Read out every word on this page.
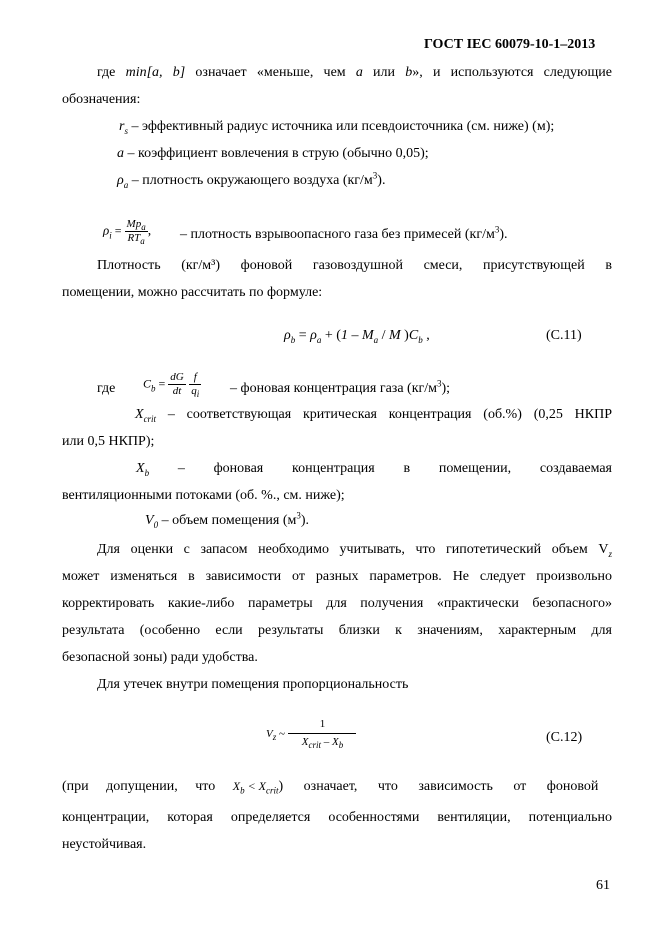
ГОСТ IEC 60079-10-1–2013
где min[a, b] означает «меньше, чем a или b», и используются следующие
обозначения:
$r_s$ – эффективный радиус источника или псевдоисточника (см. ниже) (м);
a – коэффициент вовлечения в струю (обычно 0,05);
$\rho_a$ – плотность окружающего воздуха $(кг/м^3)$.
$\rho_i = \frac{Mp_a}{RT_a}$ , – плотность взрывоопасного газа без примесей $(кг/м^3)$.
Плотность (кг/м³) фоновой газовоздушной смеси, присутствующей в
помещении, можно рассчитать по формуле:
$\rho_b = \rho_a + (1 - M_a / M$ )$C_b$ ,	(C.11)
где $C_b = \frac{dG}{dt}$
$\frac{f}{q_i}$ – фоновая концентрация газа $(кг/м^3)$;
$X_{crit}$ – соответствующая критическая концентрация (об.%) (0,25 НКПР
или 0,5 НКПР);
$X_b$ – фоновая концентрация в помещении, создаваемая
вентиляционными потоками (об. %., см. ниже);
$V_0$ – объем помещения $(м^3)$.
Для оценки с запасом необходимо учитывать, что гипотетический объем $V_z$
может изменяться в зависимости от разных параметров. Не следует произвольно
корректировать какие-либо параметры для получения «практически безопасного»
результата (особенно если результаты близки к значениям, характерным для
безопасной зоны) ради удобства.
Для утечек внутри помещения пропорциональность
$V_z$ ~ $\frac{1}{X_{crit} - X_b}$	(C.12)
(при допущении, что $X_b < X_{crit}$) означает, что зависимость от фоновой
концентрации, которая определяется особенностями вентиляции, потенциально
неустойчивая.
61
